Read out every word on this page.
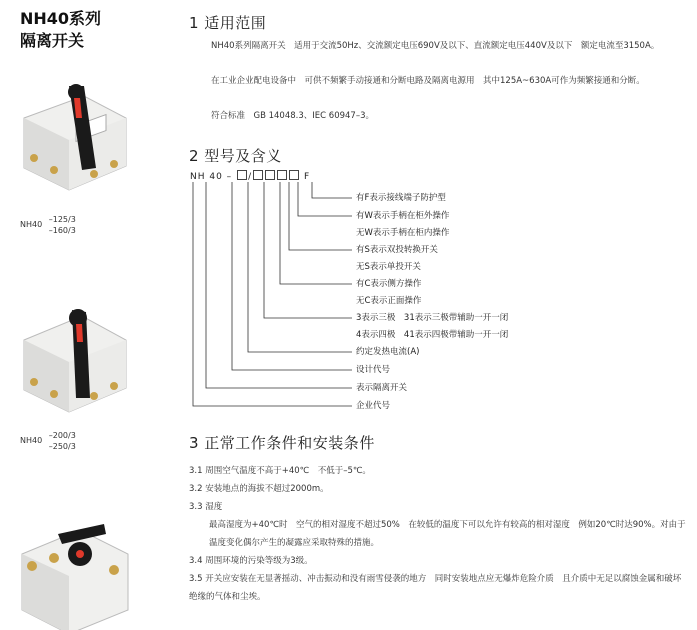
NH40系列
隔离开关
NH40
–125/3
–160/3
NH40
–200/3
–250/3
1 适用范围
NH40系列隔离开关　适用于交流50Hz、交流额定电压690V及以下、直流额定电压440V及以下　额定电流至3150A。
在工业企业配电设备中　可供不频繁手动接通和分断电路及隔离电源用　其中125A~630A可作为频繁接通和分断。
符合标准　GB 14048.3、IEC 60947–3。
2 型号及含义
NH 40 – /	F
有F表示接线端子防护型
有W表示手柄在柜外操作
无W表示手柄在柜内操作
有S表示双投转换开关
无S表示单投开关
有C表示侧方操作
无C表示正面操作
3表示三极　31表示三极带辅助一开一闭
4表示四极　41表示四极带辅助一开一闭
约定发热电流(A)
设计代号
表示隔离开关
企业代号
3 正常工作条件和安装条件
3.1 周围空气温度不高于+40℃　不低于–5℃。
3.2 安装地点的海拔不超过2000m。
3.3 湿度
最高湿度为+40℃时　空气的相对湿度不超过50%　在较低的温度下可以允许有较高的相对湿度　例如20℃时达90%。对由于温度变化偶尔产生的凝露应采取特殊的措施。
3.4 周围环境的污染等级为3级。
3.5 开关应安装在无显著摇动、冲击振动和没有雨雪侵袭的地方　同时安装地点应无爆炸危险介质　且介质中无足以腐蚀金属和破坏绝缘的气体和尘埃。
